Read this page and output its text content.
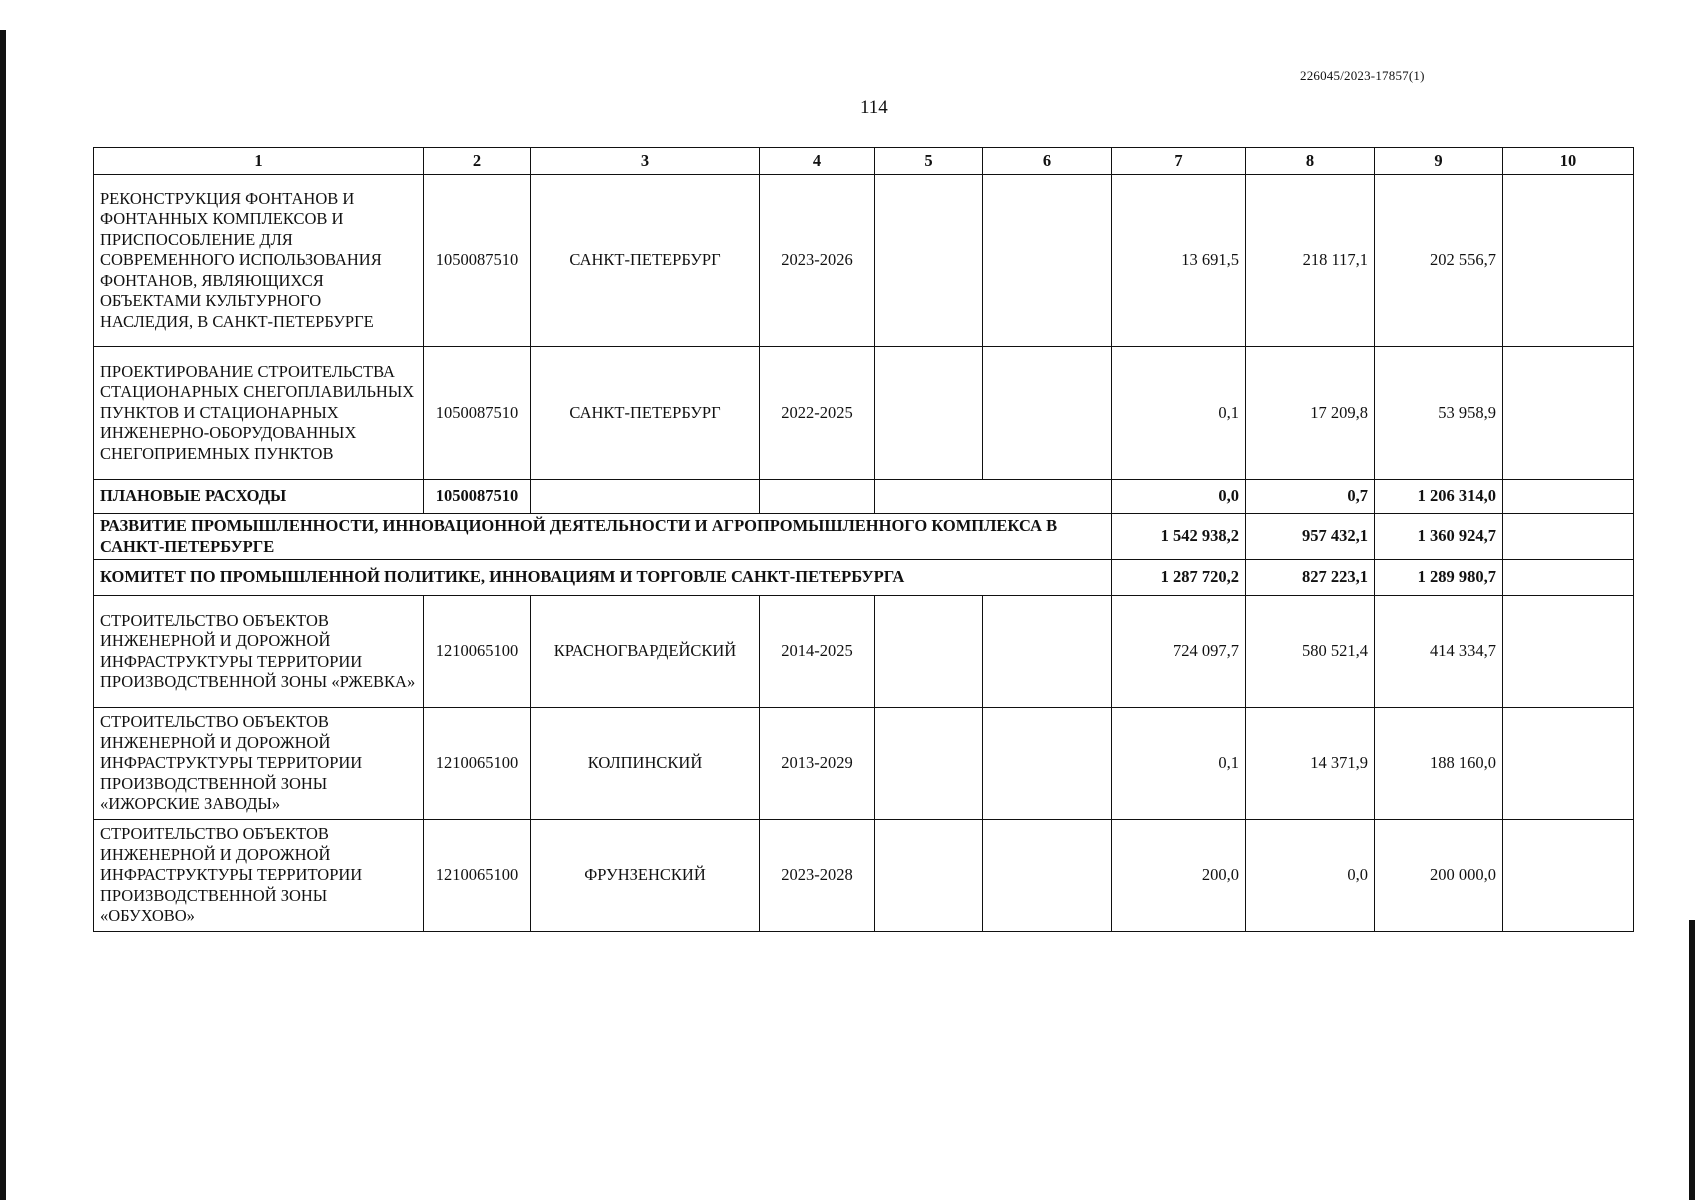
226045/2023-17857(1)
114
1	2	3	4	5	6	7	8	9	10
РЕКОНСТРУКЦИЯ ФОНТАНОВ И ФОНТАННЫХ КОМПЛЕКСОВ И ПРИСПОСОБЛЕНИЕ ДЛЯ СОВРЕМЕННОГО ИСПОЛЬЗОВАНИЯ ФОНТАНОВ, ЯВЛЯЮЩИХСЯ ОБЪЕКТАМИ КУЛЬТУРНОГО НАСЛЕДИЯ, В САНКТ-ПЕТЕРБУРГЕ	1050087510	САНКТ-ПЕТЕРБУРГ	2023-2026			13 691,5	218 117,1	202 556,7	
ПРОЕКТИРОВАНИЕ СТРОИТЕЛЬСТВА СТАЦИОНАРНЫХ СНЕГОПЛАВИЛЬНЫХ ПУНКТОВ И СТАЦИОНАРНЫХ ИНЖЕНЕРНО-ОБОРУДОВАННЫХ СНЕГОПРИЕМНЫХ ПУНКТОВ	1050087510	САНКТ-ПЕТЕРБУРГ	2022-2025			0,1	17 209,8	53 958,9	
ПЛАНОВЫЕ РАСХОДЫ	1050087510					0,0	0,7	1 206 314,0	
РАЗВИТИЕ ПРОМЫШЛЕННОСТИ, ИННОВАЦИОННОЙ ДЕЯТЕЛЬНОСТИ И АГРОПРОМЫШЛЕННОГО КОМПЛЕКСА В САНКТ-ПЕТЕРБУРГЕ						1 542 938,2	957 432,1	1 360 924,7	
КОМИТЕТ ПО ПРОМЫШЛЕННОЙ ПОЛИТИКЕ, ИННОВАЦИЯМ И ТОРГОВЛЕ САНКТ-ПЕТЕРБУРГА						1 287 720,2	827 223,1	1 289 980,7	
СТРОИТЕЛЬСТВО ОБЪЕКТОВ ИНЖЕНЕРНОЙ И ДОРОЖНОЙ ИНФРАСТРУКТУРЫ ТЕРРИТОРИИ ПРОИЗВОДСТВЕННОЙ ЗОНЫ «РЖЕВКА»	1210065100	КРАСНОГВАРДЕЙСКИЙ	2014-2025			724 097,7	580 521,4	414 334,7	
СТРОИТЕЛЬСТВО ОБЪЕКТОВ ИНЖЕНЕРНОЙ И ДОРОЖНОЙ ИНФРАСТРУКТУРЫ ТЕРРИТОРИИ ПРОИЗВОДСТВЕННОЙ ЗОНЫ «ИЖОРСКИЕ ЗАВОДЫ»	1210065100	КОЛПИНСКИЙ	2013-2029			0,1	14 371,9	188 160,0	
СТРОИТЕЛЬСТВО ОБЪЕКТОВ ИНЖЕНЕРНОЙ И ДОРОЖНОЙ ИНФРАСТРУКТУРЫ ТЕРРИТОРИИ ПРОИЗВОДСТВЕННОЙ ЗОНЫ «ОБУХОВО»	1210065100	ФРУНЗЕНСКИЙ	2023-2028			200,0	0,0	200 000,0	
